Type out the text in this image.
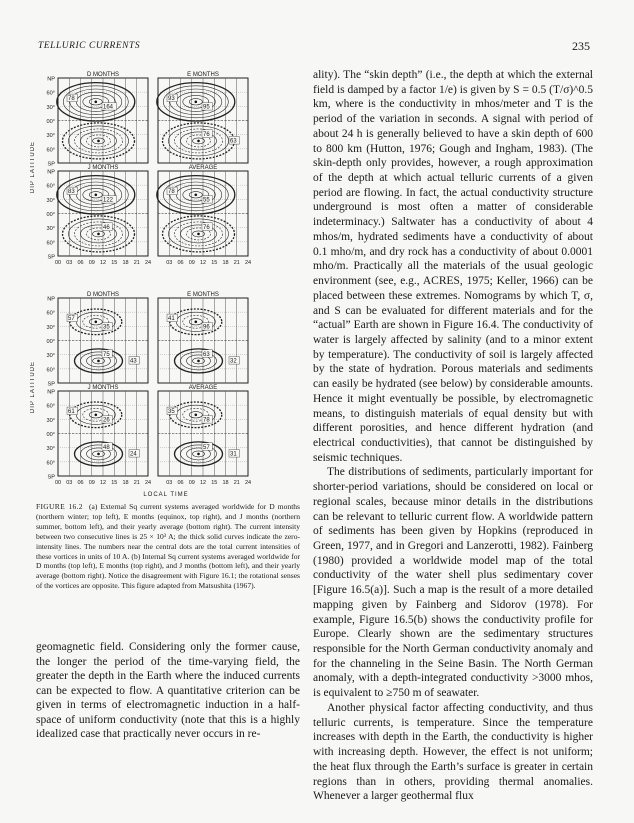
TELLURIC CURRENTS	235
D MONTHS
78
164
NP
60°
30°
00°
30°
60°
SP
E MONTHS
93
95
76
63
J MONTHS
83
122
46
NP
60°
30°
00°
30°
60°
SP
AVERAGE
78
55
76
DIP LATITUDE
00 03 06 09 12 15 18 21 24	03 06 09 12 15 18 21 24
D MONTHS
57
35
75
43
NP
60°
30°
00°
30°
60°
SP
E MONTHS
41
96
63
32
J MONTHS
61
26
48
24
NP
60°
30°
00°
30°
60°
SP
AVERAGE
35
78
57
31
DIP LATITUDE
00 03 06 09 12 15 18 21 24	03 06 09 12 15 18 21 24
LOCAL TIME
FIGURE 16.2 (a) External Sq current systems averaged worldwide for D months (northern winter; top left), E months (equinox, top right), and J months (northern summer, bottom left), and their yearly average (bottom right). The current intensity between two consecutive lines is 25 × 10³ A; the thick solid curves indicate the zero-intensity lines. The numbers near the central dots are the total current intensities of these vortices in units of 10 A. (b) Internal Sq current systems averaged worldwide for D months (top left), E months (top right), and J months (bottom left), and their yearly average (bottom right). Notice the disagreement with Figure 16.1; the rotational senses of the vortices are opposite. This figure adapted from Matsushita (1967).

geomagnetic field. Considering only the former cause, the longer the period of the time-varying field, the greater the depth in the Earth where the induced currents can be expected to flow. A quantitative criterion can be given in terms of electromagnetic induction in a half-space of uniform conductivity (note that this is a highly idealized case that practically never occurs in re-

ality). The “skin depth” (i.e., the depth at which the external field is damped by a factor 1/e) is given by S = 0.5 (T/σ)^0.5 km, where is the conductivity in mhos/meter and T is the period of the variation in seconds. A signal with period of about 24 h is generally believed to have a skin depth of 600 to 800 km (Hutton, 1976; Gough and Ingham, 1983). (The skin-depth only provides, however, a rough approximation of the depth at which actual telluric currents of a given period are flowing. In fact, the actual conductivity structure underground is most often a matter of considerable indeterminacy.) Saltwater has a conductivity of about 4 mhos/m, hydrated sediments have a conductivity of about 0.1 mho/m, and dry rock has a conductivity of about 0.0001 mho/m. Practically all the materials of the usual geologic environment (see, e.g., ACRES, 1975; Keller, 1966) can be placed between these extremes. Nomograms by which T, σ, and S can be evaluated for different materials and for the “actual” Earth are shown in Figure 16.4. The conductivity of water is largely affected by salinity (and to a minor extent by temperature). The conductivity of soil is largely affected by the state of hydration. Porous materials and sediments can easily be hydrated (see below) by considerable amounts. Hence it might eventually be possible, by electromagnetic means, to distinguish materials of equal density but with different porosities, and hence different hydration (and electrical conductivities), that cannot be distinguished by seismic techniques.

The distributions of sediments, particularly important for shorter-period variations, should be considered on local or regional scales, because minor details in the distributions can be relevant to telluric current flow. A worldwide pattern of sediments has been given by Hopkins (reproduced in Green, 1977, and in Gregori and Lanzerotti, 1982). Fainberg (1980) provided a worldwide model map of the total conductivity of the water shell plus sedimentary cover [Figure 16.5(a)]. Such a map is the result of a more detailed mapping given by Fainberg and Sidorov (1978). For example, Figure 16.5(b) shows the conductivity profile for Europe. Clearly shown are the sedimentary structures responsible for the North German conductivity anomaly and for the channeling in the Seine Basin. The North German anomaly, with a depth-integrated conductivity >3000 mhos, is equivalent to ≥750 m of seawater.

Another physical factor affecting conductivity, and thus telluric currents, is temperature. Since the temperature increases with depth in the Earth, the conductivity is higher with increasing depth. However, the effect is not uniform; the heat flux through the Earth’s surface is greater in certain regions than in others, providing thermal anomalies. Whenever a larger geothermal flux
